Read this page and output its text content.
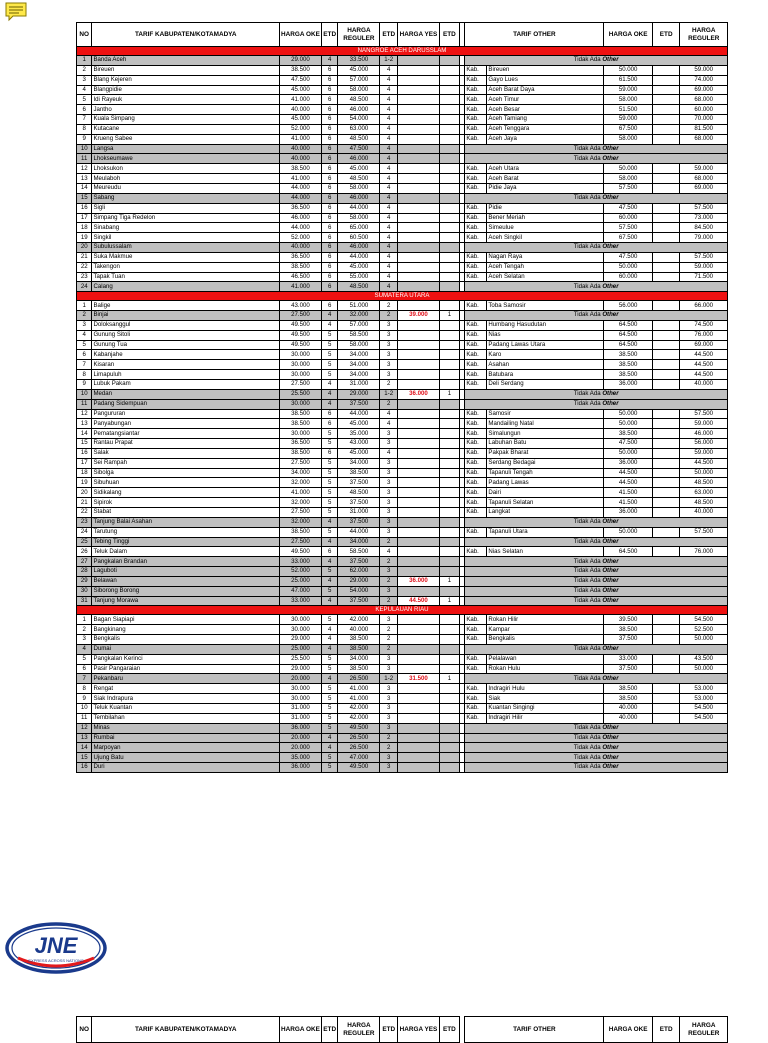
NO	TARIF KABUPATEN/KOTAMADYA	HARGA OKE	ETD	HARGA REGULER	ETD	HARGA YES	ETD		TARIF OTHER		HARGA OKE	ETD	HARGA REGULER
NANGROE ACEH DARUSSLAM													
1	Banda Aceh	29.000	4	33.500	1-2				Tidak Ada Other				
2	Bireuen	38.500	6	45.000	4				Kab.	Bireuen	50.000		59.000
3	Blang Kejeren	47.500	6	57.000	4				Kab.	Gayo Lues	61.500		74.000
4	Blangpidie	45.000	6	58.000	4				Kab.	Aceh Barat Daya	59.000		69.000
5	Idi Rayeuk	41.000	6	48.500	4				Kab.	Aceh Timur	58.000		68.000
6	Jantho	40.000	6	46.000	4				Kab.	Aceh Besar	51.500		60.000
7	Kuala Simpang	45.000	6	54.000	4				Kab.	Aceh Tamiang	59.000		70.000
8	Kutacane	52.000	6	63.000	4				Kab.	Aceh Tenggara	67.500		81.500
9	Krueng Sabee	41.000	6	48.500	4				Kab.	Aceh Jaya	58.000		68.000
10	Langsa	40.000	6	47.500	4				Tidak Ada Other				
11	Lhokseumawe	40.000	6	46.000	4				Tidak Ada Other				
12	Lhoksukon	38.500	6	45.000	4				Kab.	Aceh Utara	50.000		59.000
13	Meulaboh	41.000	6	48.500	4				Kab.	Aceh Barat	58.000		68.000
14	Meureudu	44.000	6	58.000	4				Kab.	Pidie Jaya	57.500		69.000
15	Sabang	44.000	6	46.000	4				Tidak Ada Other				
16	Sigli	36.500	6	44.000	4				Kab.	Pidie	47.500		57.500
17	Simpang Tiga Redelon	46.000	6	58.000	4				Kab.	Bener Meriah	60.000		73.000
18	Sinabang	44.000	6	65.000	4				Kab.	Simeulue	57.500		84.500
19	Singkil	52.000	6	60.500	4				Kab.	Aceh Singkil	67.500		79.000
20	Subulussalam	40.000	6	46.000	4				Tidak Ada Other				
21	Suka Makmue	36.500	6	44.000	4				Kab.	Nagan Raya	47.500		57.500
22	Takengon	38.500	6	45.000	4				Kab.	Aceh Tengah	50.000		59.000
23	Tapak Tuan	46.500	6	55.000	4				Kab.	Aceh Selatan	60.000		71.500
24	Calang	41.000	6	48.500	4				Tidak Ada Other				
SUMATERA UTARA													
1	Balige	43.000	6	51.000	2				Kab.	Toba Samosir	56.000		66.000
2	Binjai	27.500	4	32.000	2	39.000	1		Tidak Ada Other				
3	Doloksanggul	49.500	4	57.000	3				Kab.	Humbang Hasudutan	64.500		74.500
4	Gunung Sitoli	49.500	5	58.500	3				Kab.	Nias	64.500		76.000
5	Gunung Tua	49.500	5	58.000	3				Kab.	Padang Lawas Utara	64.500		69.000
6	Kabanjahe	30.000	5	34.000	3				Kab.	Karo	38.500		44.500
7	Kisaran	30.000	5	34.000	3				Kab.	Asahan	38.500		44.500
8	Limapuluh	30.000	5	34.000	3				Kab.	Batubara	38.500		44.500
9	Lubuk Pakam	27.500	4	31.000	2				Kab.	Deli Serdang	36.000		40.000
10	Medan	25.500	4	29.000	1-2	36.000	1		Tidak Ada Other				
11	Padang Sidempuan	30.000	4	37.500	2				Tidak Ada Other				
12	Pangururan	38.500	6	44.000	4				Kab.	Samosir	50.000		57.500
13	Panyabungan	38.500	6	45.000	4				Kab.	Mandailing Natal	50.000		59.000
14	Pematangsiantar	30.000	5	35.000	3				Kab.	Simalungun	38.500		46.000
15	Rantau Prapat	36.500	5	43.000	3				Kab.	Labuhan Batu	47.500		56.000
16	Salak	38.500	6	45.000	4				Kab.	Pakpak Bharat	50.000		59.000
17	Sei Rampah	27.500	5	34.000	3				Kab.	Serdang Bedagai	36.000		44.500
18	Sibolga	34.000	5	38.500	3				Kab.	Tapanuli Tengah	44.500		50.000
19	Sibuhuan	32.000	5	37.500	3				Kab.	Padang Lawas	44.500		48.500
20	Sidikalang	41.000	5	48.500	3				Kab.	Dairi	41.500		63.000
21	Sipirok	32.000	5	37.500	3				Kab.	Tapanuli Selatan	41.500		48.500
22	Stabat	27.500	5	31.000	3				Kab.	Langkat	36.000		40.000
23	Tanjung Balai Asahan	32.000	4	37.500	3				Tidak Ada Other				
24	Tarutung	38.500	5	44.000	3				Kab.	Tapanuli Utara	50.000		57.500
25	Tebing Tinggi	27.500	4	34.000	2				Tidak Ada Other				
26	Teluk Dalam	49.500	6	58.500	4				Kab.	Nias Selatan	64.500		76.000
27	Pangkalan Brandan	33.000	4	37.500	2				Tidak Ada Other				
28	Laguboti	52.000	5	62.000	3				Tidak Ada Other				
29	Belawan	25.000	4	29.000	2	36.000	1		Tidak Ada Other				
30	Siborong Borong	47.000	5	54.000	3				Tidak Ada Other				
31	Tanjung Morawa	33.000	4	37.500	2	44.500	1		Tidak Ada Other				
KEPULAUAN RIAU													
1	Bagan Siapiapi	30.000	5	42.000	3				Kab.	Rokan Hilir	39.500		54.500
2	Bangkinang	30.000	4	40.000	2				Kab.	Kampar	38.500		52.500
3	Bengkalis	29.000	4	38.500	2				Kab.	Bengkalis	37.500		50.000
4	Dumai	25.000	4	38.500	2				Tidak Ada Other				
5	Pangkalan Kerinci	25.500	5	34.000	3				Kab.	Pelalawan	33.000		43.500
6	Pasir Pangaraian	29.000	5	38.500	3				Kab.	Rokan Hulu	37.500		50.000
7	Pekanbaru	20.000	4	26.500	1-2	31.500	1		Tidak Ada Other				
8	Rengat	30.000	5	41.000	3				Kab.	Indragiri Hulu	38.500		53.000
9	Siak Indrapura	30.000	5	41.000	3				Kab.	Siak	38.500		53.000
10	Teluk Kuantan	31.000	5	42.000	3				Kab.	Kuantan Singingi	40.000		54.500
11	Tembilahan	31.000	5	42.000	3				Kab.	Indragiri Hilir	40.000		54.500
12	Minas	36.000	5	49.500	3				Tidak Ada Other				
13	Rumbai	20.000	4	26.500	2				Tidak Ada Other				
14	Marpoyan	20.000	4	26.500	2				Tidak Ada Other				
15	Ujung Batu	35.000	5	47.000	3				Tidak Ada Other				
16	Duri	36.000	5	49.500	3				Tidak Ada Other				
JNE
EXPRESS ACROSS NATIONS
NO	TARIF KABUPATEN/KOTAMADYA	HARGA OKE	ETD	HARGA REGULER	ETD	HARGA YES	ETD		TARIF OTHER	HARGA OKE	ETD	HARGA REGULER
